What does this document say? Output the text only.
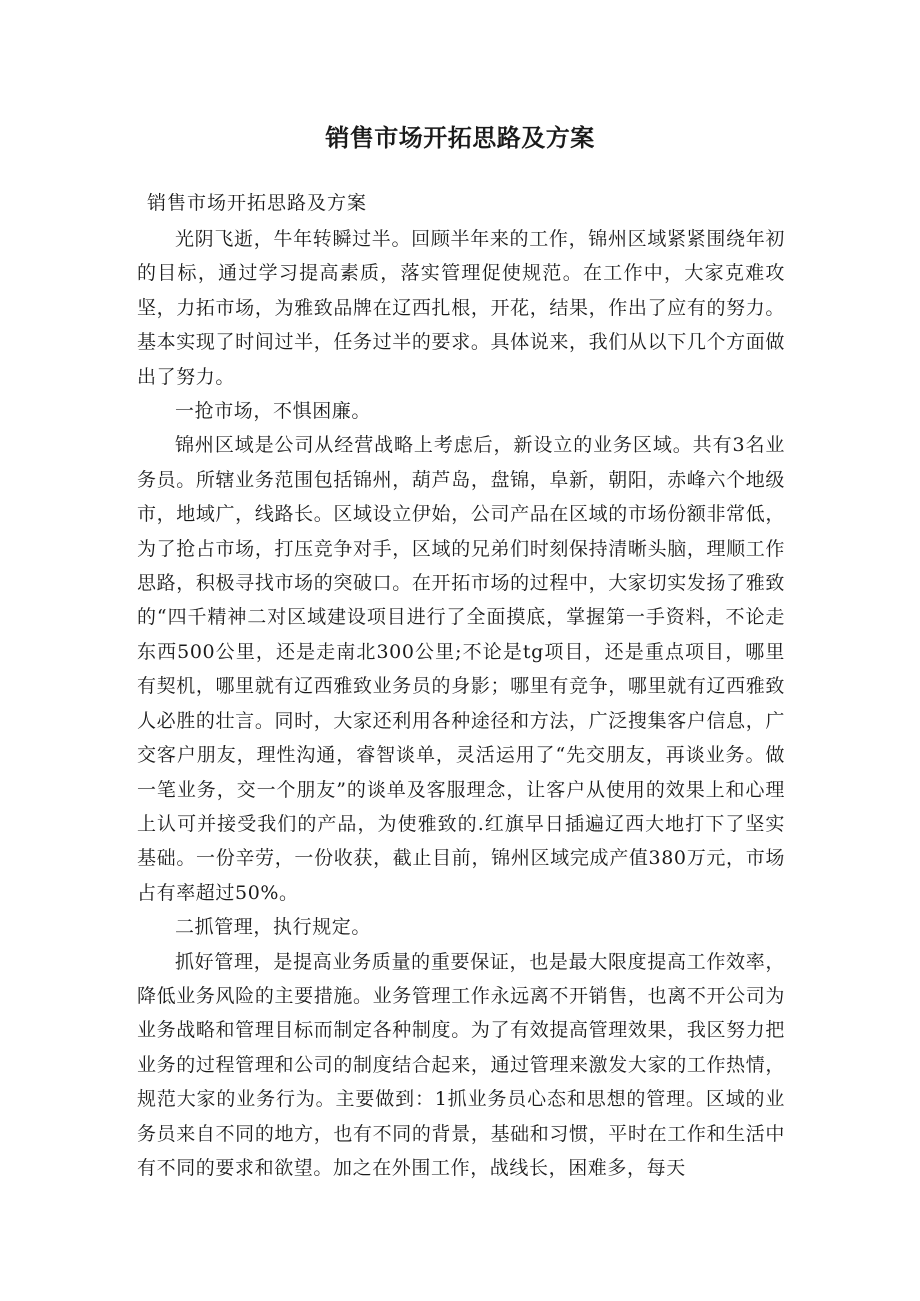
销售市场开拓思路及方案

销售市场开拓思路及方案

光阴飞逝，牛年转瞬过半。回顾半年来的工作，锦州区域紧紧围绕年初的目标，通过学习提高素质，落实管理促使规范。在工作中，大家克难攻坚，力拓市场，为雅致品牌在辽西扎根，开花，结果，作出了应有的努力。基本实现了时间过半，任务过半的要求。具体说来，我们从以下几个方面做出了努力。

一抢市场，不惧困廉。

锦州区域是公司从经营战略上考虑后，新设立的业务区域。共有3名业务员。所辖业务范围包括锦州，葫芦岛，盘锦，阜新，朝阳，赤峰六个地级市，地域广，线路长。区域设立伊始，公司产品在区域的市场份额非常低，为了抢占市场，打压竞争对手，区域的兄弟们时刻保持清晰头脑，理顺工作思路，积极寻找市场的突破口。在开拓市场的过程中，大家切实发扬了雅致的“四千精神二对区域建设项目进行了全面摸底，掌握第一手资料，不论走东西500公里，还是走南北300公里;不论是tg项目，还是重点项目，哪里有契机，哪里就有辽西雅致业务员的身影；哪里有竞争，哪里就有辽西雅致人必胜的壮言。同时，大家还利用各种途径和方法，广泛搜集客户信息，广交客户朋友，理性沟通，睿智谈单，灵活运用了“先交朋友，再谈业务。做一笔业务，交一个朋友”的谈单及客服理念，让客户从使用的效果上和心理上认可并接受我们的产品，为使雅致的.红旗早日插遍辽西大地打下了坚实基础。一份辛劳，一份收获，截止目前，锦州区域完成产值380万元，市场占有率超过50%。

二抓管理，执行规定。

抓好管理，是提高业务质量的重要保证，也是最大限度提高工作效率，降低业务风险的主要措施。业务管理工作永远离不开销售，也离不开公司为业务战略和管理目标而制定各种制度。为了有效提高管理效果，我区努力把业务的过程管理和公司的制度结合起来，通过管理来激发大家的工作热情，规范大家的业务行为。主要做到：1抓业务员心态和思想的管理。区域的业务员来自不同的地方，也有不同的背景，基础和习惯，平时在工作和生活中有不同的要求和欲望。加之在外围工作，战线长，困难多，每天
